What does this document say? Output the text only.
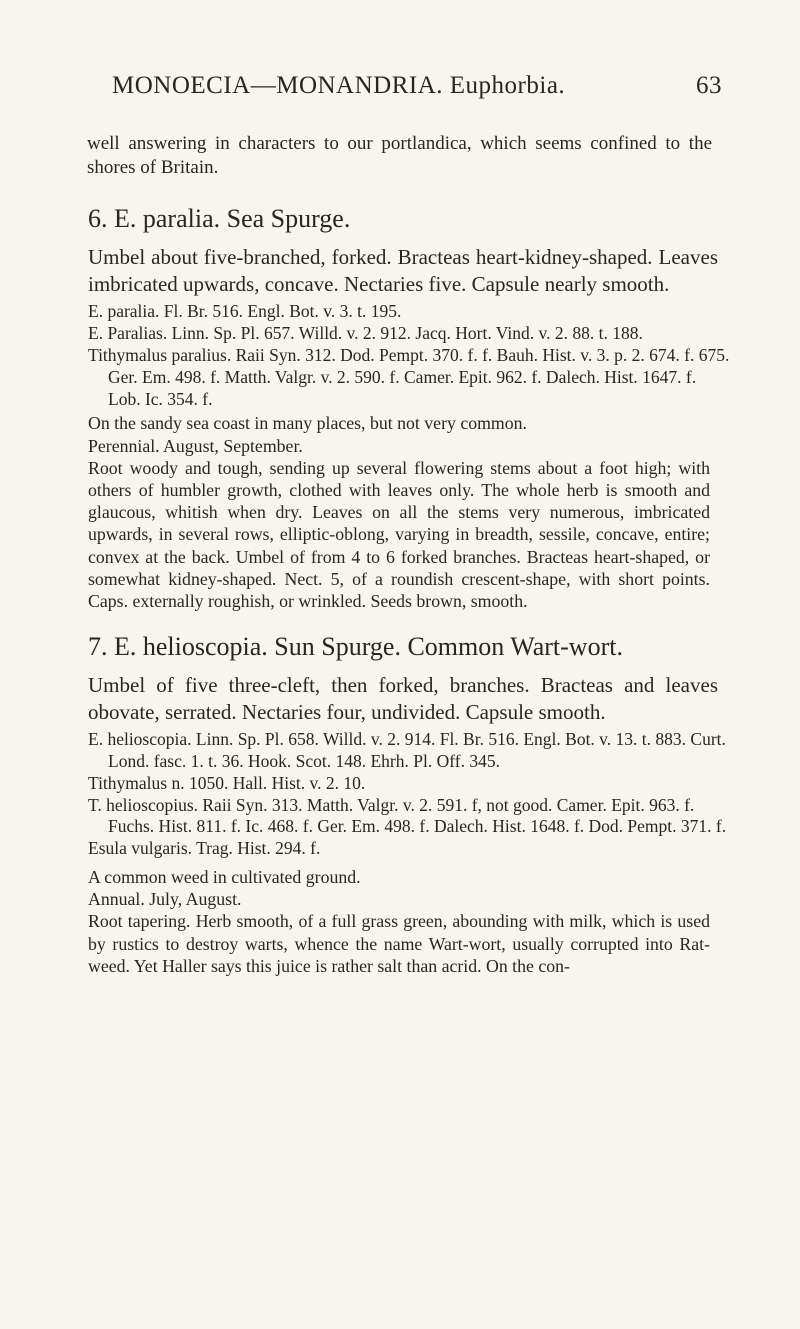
MONOECIA—MONANDRIA. Euphorbia.	63

well answering in characters to our portlandica, which seems confined to the shores of Britain.

6. E. paralia. Sea Spurge.

Umbel about five-branched, forked. Bracteas heart-kidney-shaped. Leaves imbricated upwards, concave. Nectaries five. Capsule nearly smooth.

E. paralia. Fl. Br. 516. Engl. Bot. v. 3. t. 195.

E. Paralias. Linn. Sp. Pl. 657. Willd. v. 2. 912. Jacq. Hort. Vind. v. 2. 88. t. 188.

Tithymalus paralius. Raii Syn. 312. Dod. Pempt. 370. f. f. Bauh. Hist. v. 3. p. 2. 674. f. 675. Ger. Em. 498. f. Matth. Valgr. v. 2. 590. f. Camer. Epit. 962. f. Dalech. Hist. 1647. f. Lob. Ic. 354. f.

On the sandy sea coast in many places, but not very common.

Perennial. August, September.

Root woody and tough, sending up several flowering stems about a foot high; with others of humbler growth, clothed with leaves only. The whole herb is smooth and glaucous, whitish when dry. Leaves on all the stems very numerous, imbricated upwards, in several rows, elliptic-oblong, varying in breadth, sessile, concave, entire; convex at the back. Umbel of from 4 to 6 forked branches. Bracteas heart-shaped, or somewhat kidney-shaped. Nect. 5, of a roundish crescent-shape, with short points. Caps. externally roughish, or wrinkled. Seeds brown, smooth.

7. E. helioscopia. Sun Spurge. Common Wart-wort.

Umbel of five three-cleft, then forked, branches. Bracteas and leaves obovate, serrated. Nectaries four, undivided. Capsule smooth.

E. helioscopia. Linn. Sp. Pl. 658. Willd. v. 2. 914. Fl. Br. 516. Engl. Bot. v. 13. t. 883. Curt. Lond. fasc. 1. t. 36. Hook. Scot. 148. Ehrh. Pl. Off. 345.

Tithymalus n. 1050. Hall. Hist. v. 2. 10.

T. helioscopius. Raii Syn. 313. Matth. Valgr. v. 2. 591. f, not good. Camer. Epit. 963. f. Fuchs. Hist. 811. f. Ic. 468. f. Ger. Em. 498. f. Dalech. Hist. 1648. f. Dod. Pempt. 371. f.

Esula vulgaris. Trag. Hist. 294. f.

A common weed in cultivated ground.

Annual. July, August.

Root tapering. Herb smooth, of a full grass green, abounding with milk, which is used by rustics to destroy warts, whence the name Wart-wort, usually corrupted into Rat-weed. Yet Haller says this juice is rather salt than acrid. On the con-
